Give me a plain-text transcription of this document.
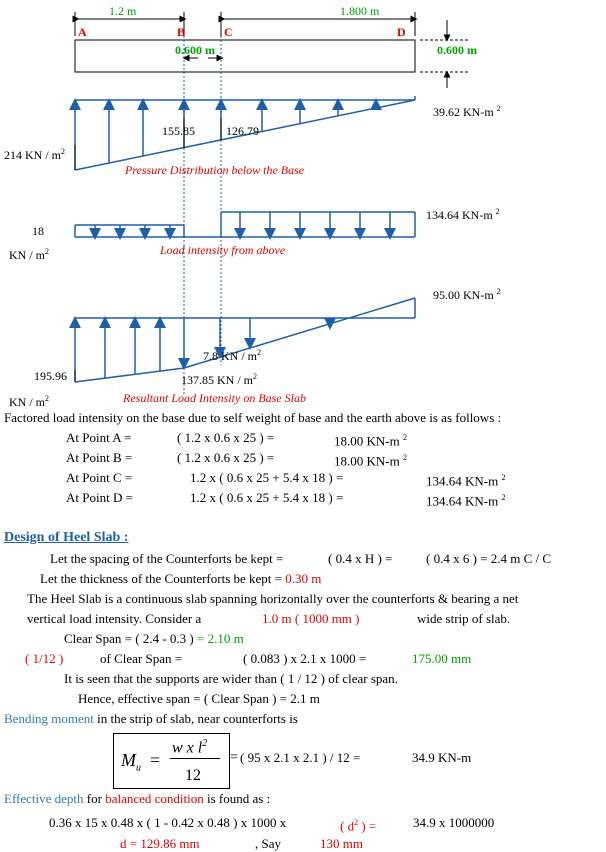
1.2 m	1.800 m
A	B	C	D
0.600 m	0.600 m
214 KN / $m^2$
155.85	126.79
39.62 KN-m $^2$
Pressure Distribution below the Base
18
KN / $m^2$
134.64 KN-m $^2$
Load intensity from above
95.00 KN-m $^2$
7.8 KN / $m^2$
195.96	137.85 KN / $m^2$
KN / $m^2$	Resultant Load Intensity on Base Slab
Factored load intensity on the base due to self weight of base and the earth above is as follows :
At Point A =	( 1.2 x 0.6 x 25 ) =	18.00 KN-m $^2$
At Point B =	( 1.2 x 0.6 x 25 ) =	18.00 KN-m $^2$
At Point C =	1.2 x ( 0.6 x 25 + 5.4 x 18 ) =	134.64 KN-m $^2$
At Point D =	1.2 x ( 0.6 x 25 + 5.4 x 18 ) =	134.64 KN-m $^2$
Design of Heel Slab :
Let the spacing of the Counterforts be kept =	( 0.4 x H ) =	( 0.4 x 6 ) = 2.4 m C / C
Let the thickness of the Counterforts be kept = 0.30 m
The Heel Slab is a continuous slab spanning horizontally over the counterforts & bearing a net
vertical load intensity. Consider a	1.0 m ( 1000 mm )	wide strip of slab.
Clear Span = ( 2.4 - 0.3 ) = 2.10 m
( 1/12 )	of Clear Span =	( 0.083 ) x 2.1 x 1000 =	175.00 mm
It is seen that the supports are wider than ( 1 / 12 ) of clear span.
Hence, effective span = ( Clear Span ) = 2.1 m
Bending moment in the strip of slab, near counterforts is
$M_u$ =
w x $l^2$
12
= ( 95 x 2.1 x 2.1 ) / 12 =	34.9 KN-m
Effective depth for balanced condition is found as :
0.36 x 15 x 0.48 x ( 1 - 0.42 x 0.48 ) x 1000 x	( $d^2$ ) =	34.9 x 1000000
d = 129.86 mm	, Say	130 mm
